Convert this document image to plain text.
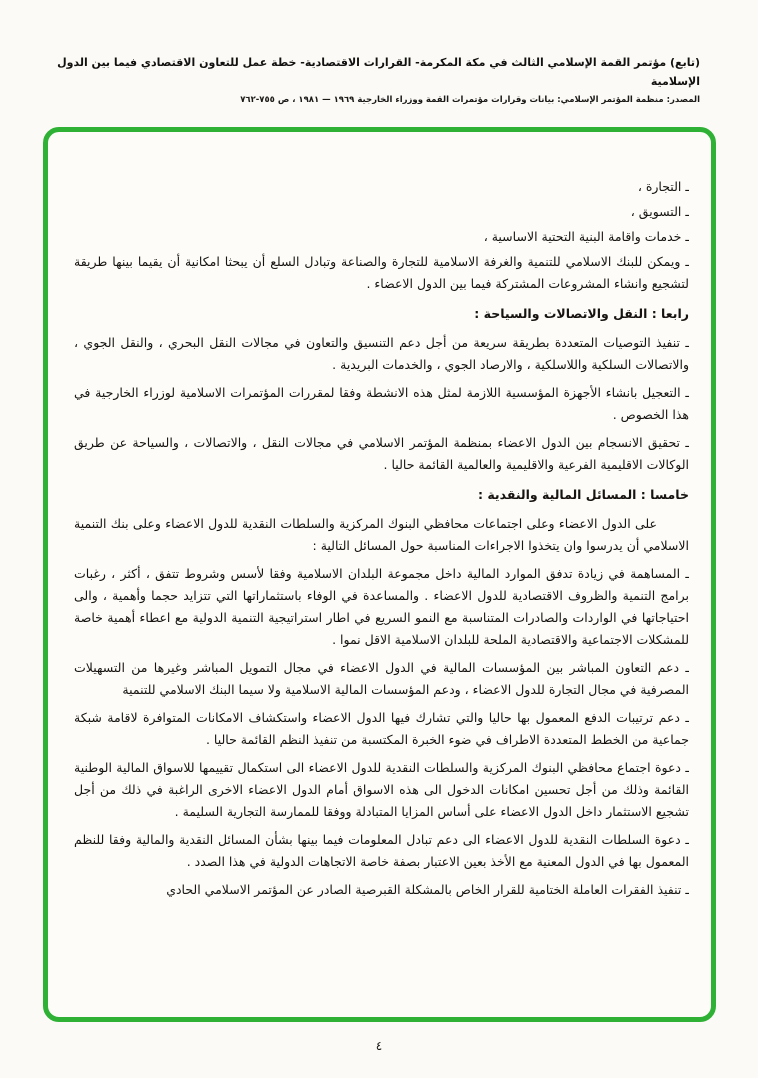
(تابع) مؤتمر القمة الإسلامي الثالث في مكة المكرمة- القرارات الاقتصادية- خطة عمل للتعاون الاقتصادي فيما بين الدول الإسلامية
المصدر: منظمة المؤتمر الإسلامي: بيانات وقرارات مؤتمرات القمة ووزراء الخارجية ١٩٦٩ — ١٩٨١ ، ص ٧٥٥-٧٦٢

ـ التجارة ،

ـ التسويق ،

ـ خدمات واقامة البنية التحتية الاساسية ،

ـ ويمكن للبنك الاسلامي للتنمية والغرفة الاسلامية للتجارة والصناعة وتبادل السلع أن يبحثا امكانية أن يقيما بينها طريقة لتشجيع وانشاء المشروعات المشتركة فيما بين الدول الاعضاء .

رابعا : النقل والاتصالات والسياحة :

ـ تنفيذ التوصيات المتعددة بطريقة سريعة من أجل دعم التنسيق والتعاون في مجالات النقل البحري ، والنقل الجوي ، والاتصالات السلكية واللاسلكية ، والارصاد الجوي ، والخدمات البريدية .

ـ التعجيل بانشاء الأجهزة المؤسسية اللازمة لمثل هذه الانشطة وفقا لمقررات المؤتمرات الاسلامية لوزراء الخارجية في هذا الخصوص .

ـ تحقيق الانسجام بين الدول الاعضاء بمنظمة المؤتمر الاسلامي في مجالات النقل ، والاتصالات ، والسياحة عن طريق الوكالات الاقليمية الفرعية والاقليمية والعالمية القائمة حاليا .

خامسا : المسائل المالية والنقدية :

على الدول الاعضاء وعلى اجتماعات محافظي البنوك المركزية والسلطات النقدية للدول الاعضاء وعلى بنك التنمية الاسلامي أن يدرسوا وان يتخذوا الاجراءات المناسبة حول المسائل التالية :

ـ المساهمة في زيادة تدفق الموارد المالية داخل مجموعة البلدان الاسلامية وفقا لأسس وشروط تتفق ، أكثر ، رغبات برامج التنمية والظروف الاقتصادية للدول الاعضاء . والمساعدة في الوفاء باستثماراتها التي تتزايد حجما وأهمية ، والى احتياجاتها في الواردات والصادرات المتناسبة مع النمو السريع في اطار استراتيجية التنمية الدولية مع اعطاء أهمية خاصة للمشكلات الاجتماعية والاقتصادية الملحة للبلدان الاسلامية الاقل نموا .

ـ دعم التعاون المباشر بين المؤسسات المالية في الدول الاعضاء في مجال التمويل المباشر وغيرها من التسهيلات المصرفية في مجال التجارة للدول الاعضاء ، ودعم المؤسسات المالية الاسلامية ولا سيما البنك الاسلامي للتنمية

ـ دعم ترتيبات الدفع المعمول بها حاليا والتي تشارك فيها الدول الاعضاء واستكشاف الامكانات المتوافرة لاقامة شبكة جماعية من الخطط المتعددة الاطراف في ضوء الخبرة المكتسبة من تنفيذ النظم القائمة حاليا .

ـ دعوة اجتماع محافظي البنوك المركزية والسلطات النقدية للدول الاعضاء الى استكمال تقييمها للاسواق المالية الوطنية القائمة وذلك من أجل تحسين امكانات الدخول الى هذه الاسواق أمام الدول الاعضاء الاخرى الراغبة في ذلك من أجل تشجيع الاستثمار داخل الدول الاعضاء على أساس المزايا المتبادلة ووفقا للممارسة التجارية السليمة .

ـ دعوة السلطات النقدية للدول الاعضاء الى دعم تبادل المعلومات فيما بينها بشأن المسائل النقدية والمالية وفقا للنظم المعمول بها في الدول المعنية مع الأخذ بعين الاعتبار بصفة خاصة الاتجاهات الدولية في هذا الصدد .

ـ تنفيذ الفقرات العاملة الختامية للقرار الخاص بالمشكلة القبرصية الصادر عن المؤتمر الاسلامي الحادي

٤
